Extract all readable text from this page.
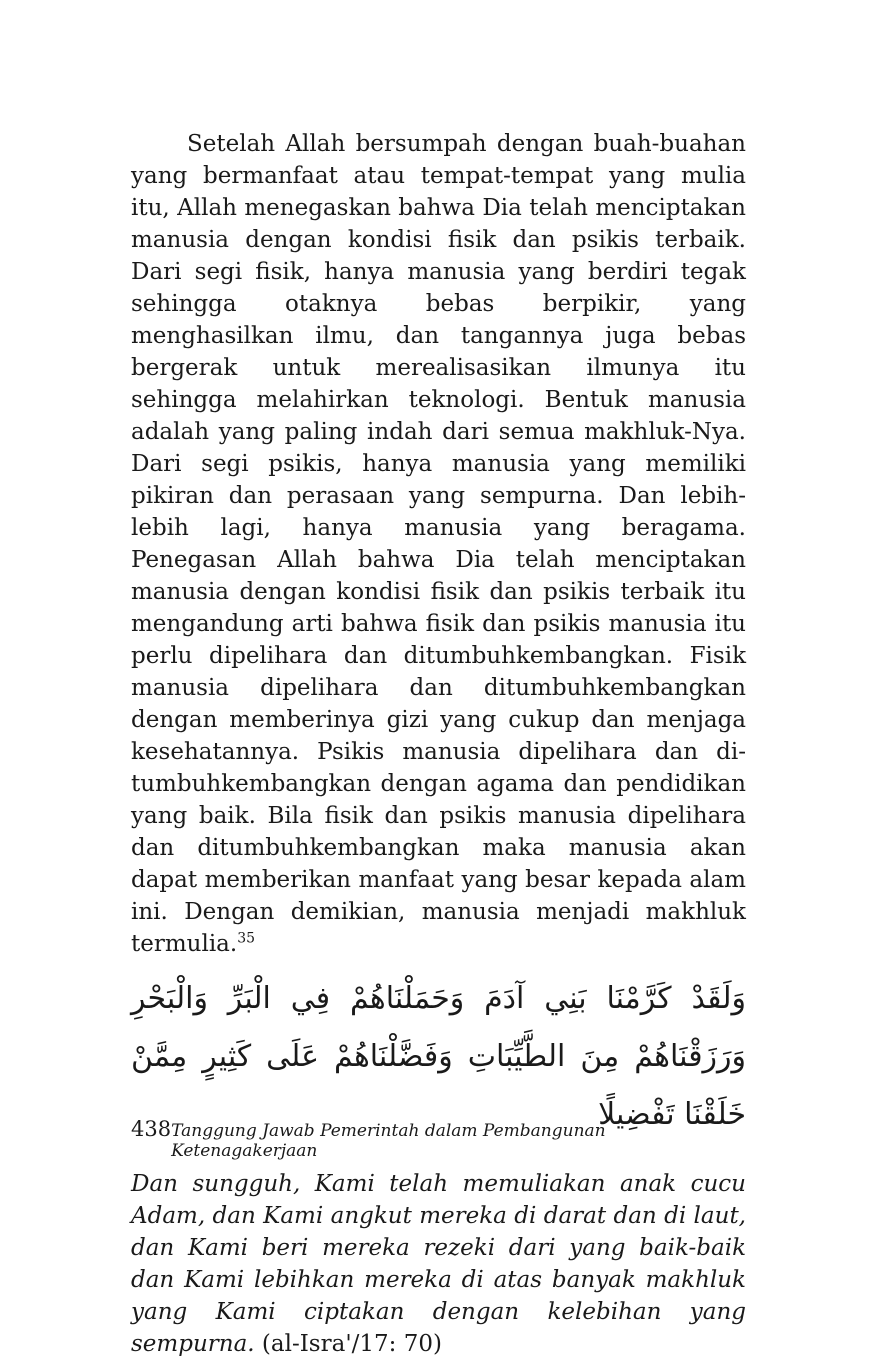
Setelah Allah bersumpah dengan buah-buahan yang bermanfaat atau tempat-tempat yang mulia itu, Allah menegaskan bahwa Dia telah menciptakan manusia dengan kondisi fisik dan psikis terbaik. Dari segi fisik, hanya manusia yang berdiri tegak sehingga otaknya bebas berpikir, yang menghasilkan ilmu, dan tangannya juga bebas bergerak untuk merealisasikan ilmunya itu sehingga melahirkan teknologi. Bentuk manusia adalah yang paling indah dari semua makhluk-Nya. Dari segi psikis, hanya manusia yang memiliki pikiran dan perasaan yang sempurna. Dan lebih-lebih lagi, hanya manusia yang beragama. Penegasan Allah bahwa Dia telah menciptakan manusia dengan kondisi fisik dan psikis terbaik itu mengandung arti bahwa fisik dan psikis manusia itu perlu dipelihara dan ditumbuhkembangkan. Fisik manusia dipelihara dan ditumbuhkembangkan dengan memberinya gizi yang cukup dan menjaga kesehatannya. Psikis manusia dipelihara dan ditumbuhkembangkan dengan agama dan pendidikan yang baik. Bila fisik dan psikis manusia dipelihara dan ditumbuhkembangkan maka manusia akan dapat memberikan manfaat yang besar kepada alam ini. Dengan demikian, manusia menjadi makhluk termulia.$^{35}$

وَلَقَدْ كَرَّمْنَا بَنِي آدَمَ وَحَمَلْنَاهُمْ فِي الْبَرِّ وَالْبَحْرِ وَرَزَقْنَاهُمْ مِنَ الطَّيِّبَاتِ وَفَضَّلْنَاهُمْ عَلَى كَثِيرٍ مِمَّنْ خَلَقْنَا تَفْضِيلًا

Dan sungguh, Kami telah memuliakan anak cucu Adam, dan Kami angkut mereka di darat dan di laut, dan Kami beri mereka rezeki dari yang baik-baik dan Kami lebihkan mereka di atas banyak makhluk yang Kami ciptakan dengan kelebihan yang sempurna. (al-Isra'/17: 70)

438 Tanggung Jawab Pemerintah dalam Pembangunan Ketenagakerjaan
